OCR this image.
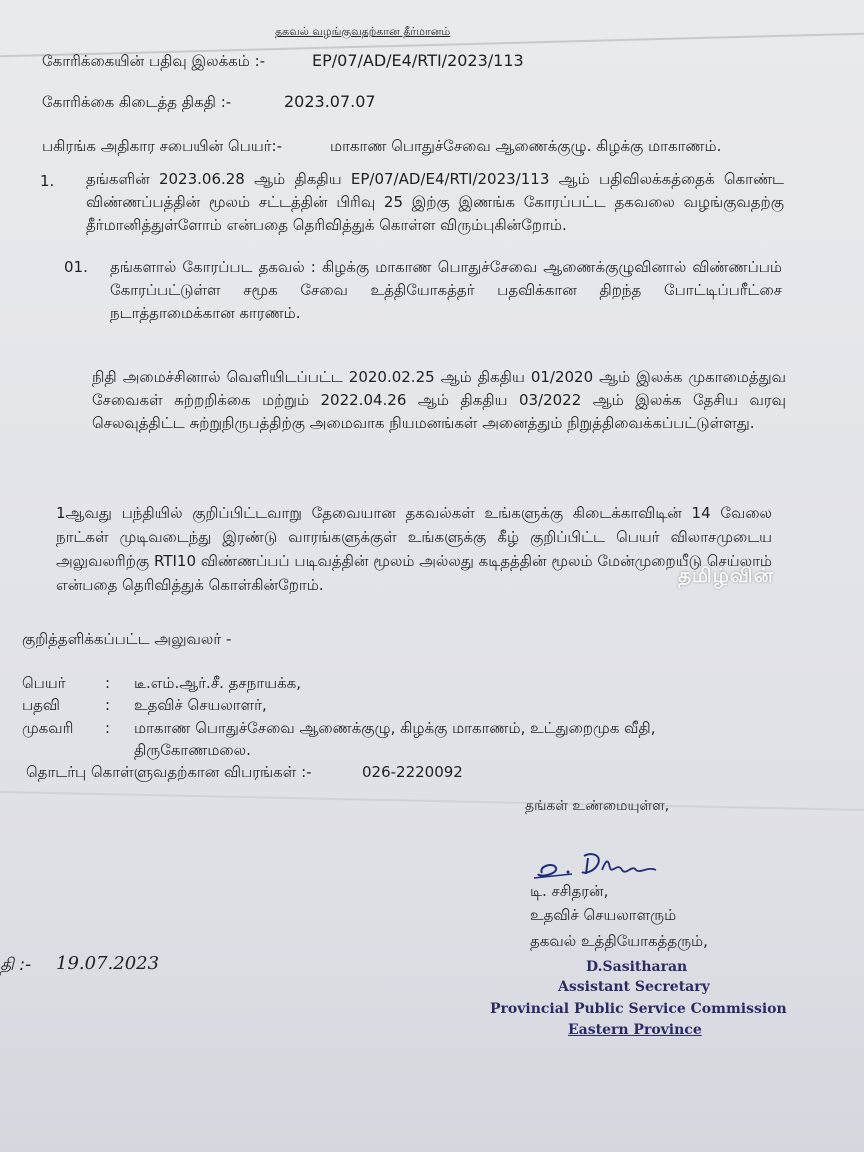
தகவல் வழங்குவதற்கான தீர்மானம்
கோரிக்கையின் பதிவு இலக்கம் :-	EP/07/AD/E4/RTI/2023/113
கோரிக்கை கிடைத்த திகதி :-	2023.07.07
பகிரங்க அதிகார சபையின் பெயர்:-	மாகாண பொதுச்சேவை ஆணைக்குழு. கிழக்கு மாகாணம்.
1. தங்களின் 2023.06.28 ஆம் திகதிய EP/07/AD/E4/RTI/2023/113 ஆம் பதிவிலக்கத்தைக் கொண்ட விண்ணப்பத்தின் மூலம் சட்டத்தின் பிரிவு 25 இற்கு இணங்க கோரப்பட்ட தகவலை வழங்குவதற்கு தீர்மானித்துள்ளோம் என்பதை தெரிவித்துக் கொள்ள விரும்புகின்றோம்.
01. தங்களால் கோரப்பட தகவல் : கிழக்கு மாகாண பொதுச்சேவை ஆணைக்குழுவினால் விண்ணப்பம் கோரப்பட்டுள்ள சமூக சேவை உத்தியோகத்தர் பதவிக்கான திறந்த போட்டிப்பரீட்சை நடாத்தாமைக்கான காரணம்.
நிதி அமைச்சினால் வெளியிடப்பட்ட 2020.02.25 ஆம் திகதிய 01/2020 ஆம் இலக்க முகாமைத்துவ சேவைகள் சுற்றறிக்கை மற்றும் 2022.04.26 ஆம் திகதிய 03/2022 ஆம் இலக்க தேசிய வரவு செலவுத்திட்ட சுற்றுநிருபத்திற்கு அமைவாக நியமனங்கள் அனைத்தும் நிறுத்திவைக்கப்பட்டுள்ளது.
1ஆவது பந்தியில் குறிப்பிட்டவாறு தேவையான தகவல்கள் உங்களுக்கு கிடைக்காவிடின் 14 வேலை நாட்கள் முடிவடைந்து இரண்டு வாரங்களுக்குள் உங்களுக்கு கீழ் குறிப்பிட்ட பெயர் விலாசமுடைய அலுவலரிற்கு RTI10 விண்ணப்பப் படிவத்தின் மூலம் அல்லது கடிதத்தின் மூலம் மேன்முறையீடு செய்லாம் என்பதை தெரிவித்துக் கொள்கின்றோம்.	தமிழ்வின்
குறித்தளிக்கப்பட்ட அலுவலர் -
பெயர்	: டீ.எம்.ஆர்.சீ. தசநாயக்க,
பதவி	: உதவிச் செயலாளர்,
முகவரி : மாகாண பொதுச்சேவை ஆணைக்குழு, கிழக்கு மாகாணம், உட்துறைமுக வீதி,
திருகோணமலை.
தொடர்பு கொள்ளுவதற்கான விபரங்கள் :-	026-2220092
தங்கள் உண்மையுள்ள,
டி. சசிதரன்,
உதவிச் செயலாளரும்
தகவல் உத்தியோகத்தரும்,
தி :- 19.07.2023	D.Sasitharan
Assistant Secretary
Provincial Public Service Commission
Eastern Province
